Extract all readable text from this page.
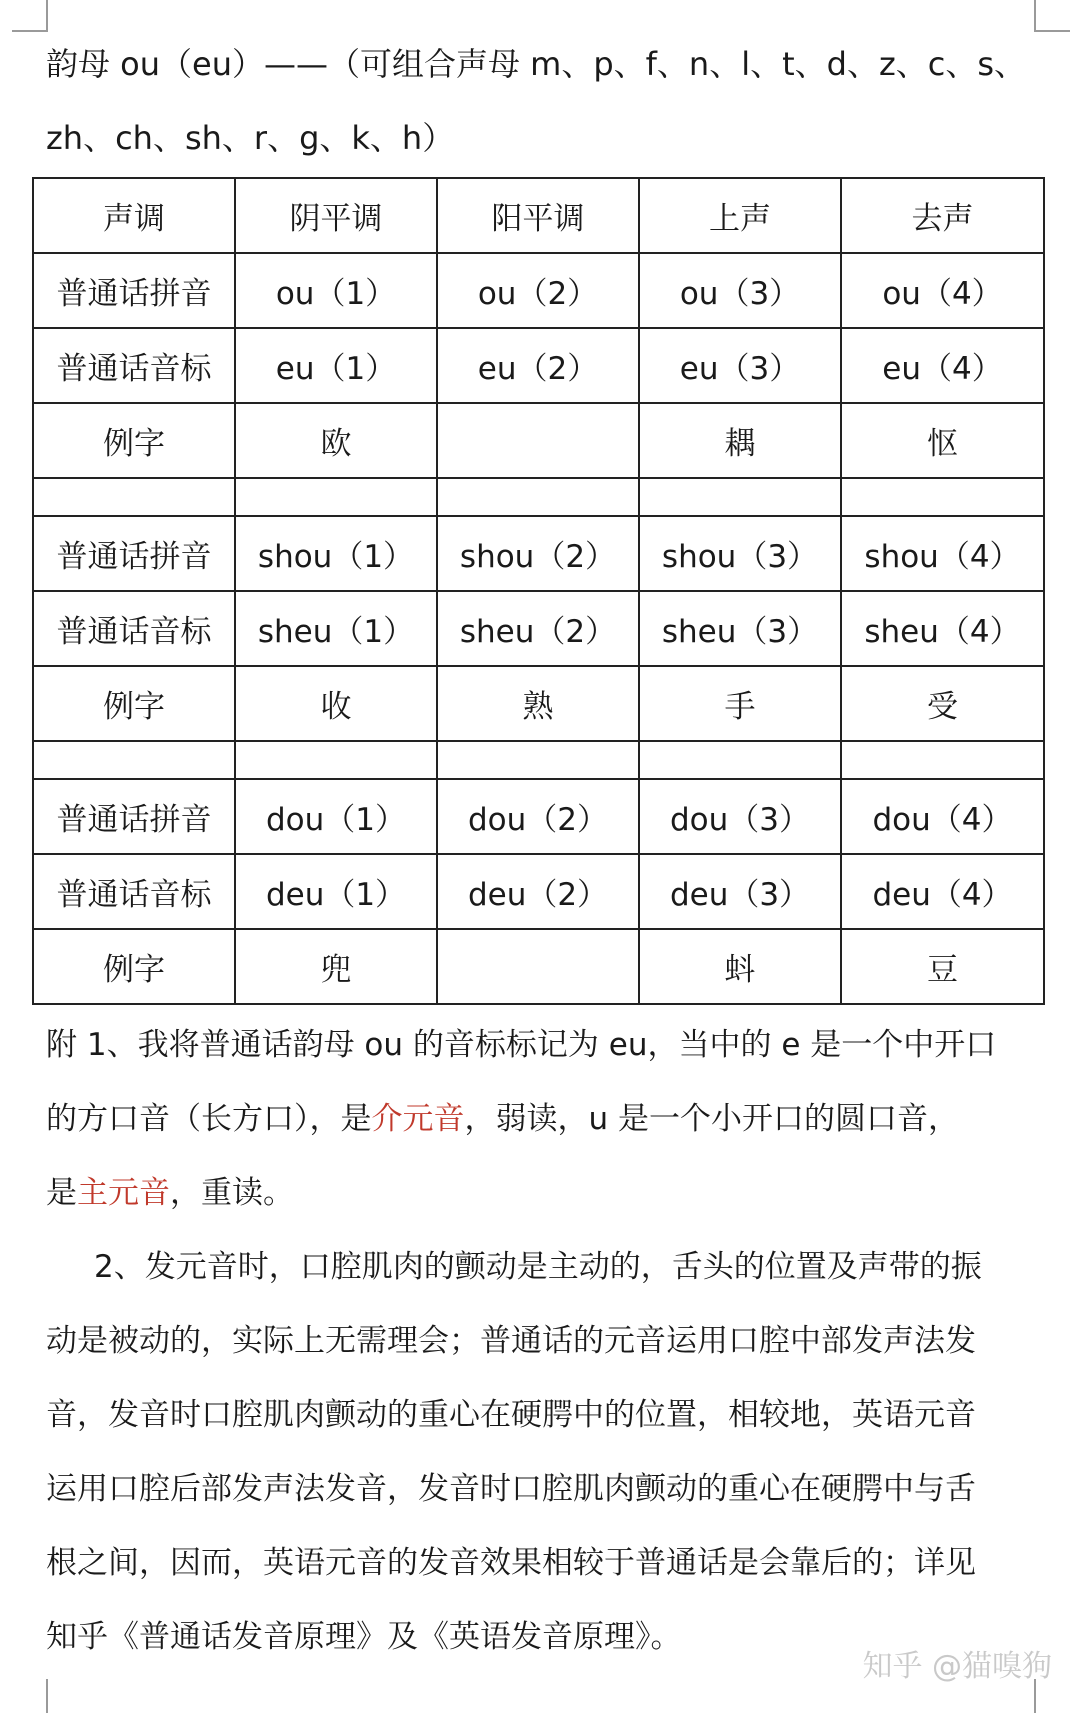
韵母 ou（eu）——（可组合声母 m、p、f、n、l、t、d、z、c、s、
zh、ch、sh、r、g、k、h）
声调	阴平调	阳平调	上声	去声
普通话拼音	ou（1）	ou（2）	ou（3）	ou（4）
普通话音标	eu（1）	eu（2）	eu（3）	eu（4）
例字	欧		耦	怄

普通话拼音	shou（1）	shou（2）	shou（3）	shou（4）
普通话音标	sheu（1）	sheu（2）	sheu（3）	sheu（4）
例字	收	熟	手	受

普通话拼音	dou（1）	dou（2）	dou（3）	dou（4）
普通话音标	deu（1）	deu（2）	deu（3）	deu（4）
例字	兜		蚪	豆
附 1、我将普通话韵母 ou 的音标标记为 eu，当中的 e 是一个中开口
的方口音（长方口），是介元音，弱读，u 是一个小开口的圆口音，
是主元音，重读。
2、发元音时，口腔肌肉的颤动是主动的，舌头的位置及声带的振
动是被动的，实际上无需理会；普通话的元音运用口腔中部发声法发
音，发音时口腔肌肉颤动的重心在硬腭中的位置，相较地，英语元音
运用口腔后部发声法发音，发音时口腔肌肉颤动的重心在硬腭中与舌
根之间，因而，英语元音的发音效果相较于普通话是会靠后的；详见
知乎《普通话发音原理》及《英语发音原理》。
知乎 @猫嗅狗
